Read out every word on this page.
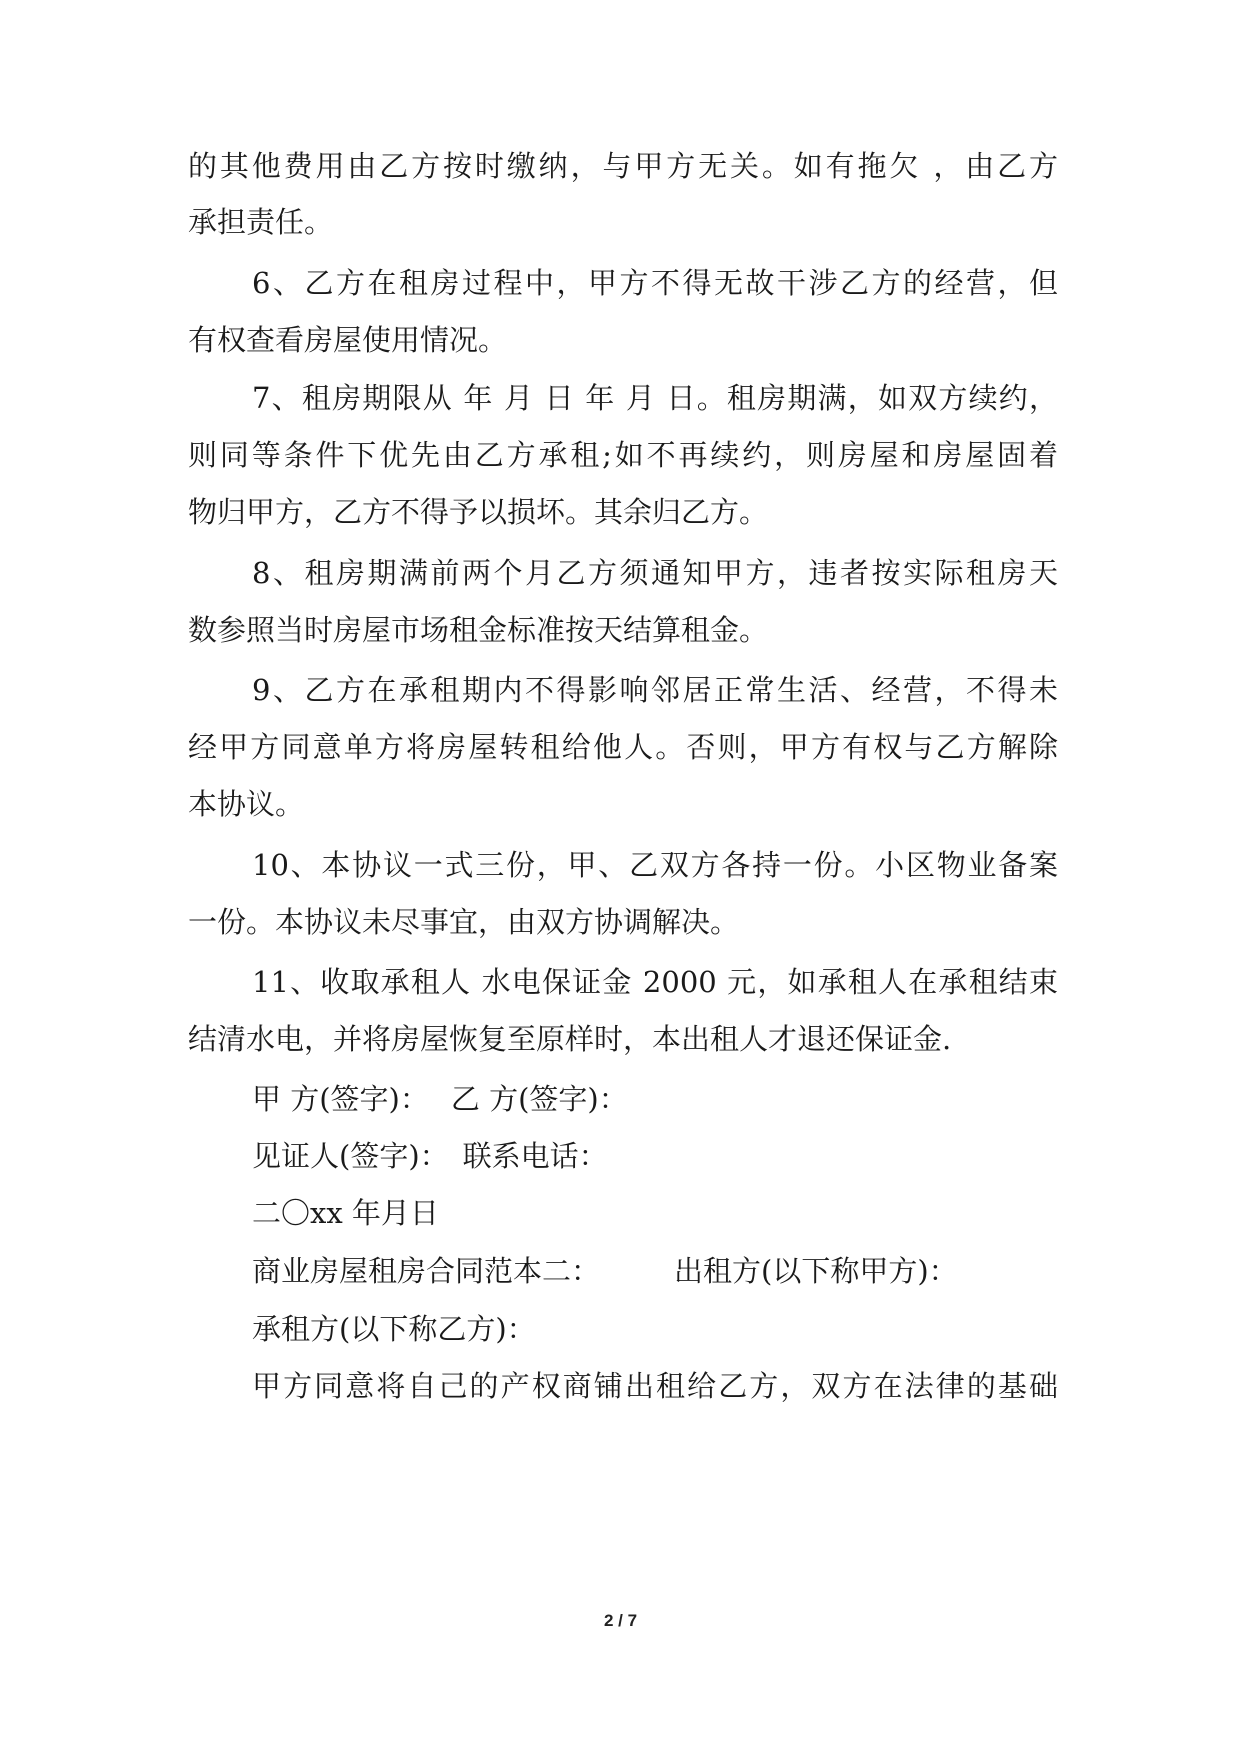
的其他费用由乙方按时缴纳，与甲方无关。如有拖欠 ，由乙方
承担责任。
6、乙方在租房过程中，甲方不得无故干涉乙方的经营，但
有权查看房屋使用情况。
7、租房期限从 年 月 日 年 月 日。租房期满，如双方续约，
则同等条件下优先由乙方承租;如不再续约，则房屋和房屋固着
物归甲方，乙方不得予以损坏。其余归乙方。
8、租房期满前两个月乙方须通知甲方，违者按实际租房天
数参照当时房屋市场租金标准按天结算租金。
9、乙方在承租期内不得影响邻居正常生活、经营，不得未
经甲方同意单方将房屋转租给他人。否则，甲方有权与乙方解除
本协议。
10、本协议一式三份，甲、乙双方各持一份。小区物业备案
一份。本协议未尽事宜，由双方协调解决。
11、收取承租人 水电保证金 2000 元，如承租人在承租结束
结清水电，并将房屋恢复至原样时，本出租人才退还保证金.
甲 方(签字)： 乙 方(签字)：
见证人(签字)： 联系电话：
二〇xx 年月日
商业房屋租房合同范本二：	出租方(以下称甲方)：
承租方(以下称乙方)：
甲方同意将自己的产权商铺出租给乙方，双方在法律的基础
2 / 7
